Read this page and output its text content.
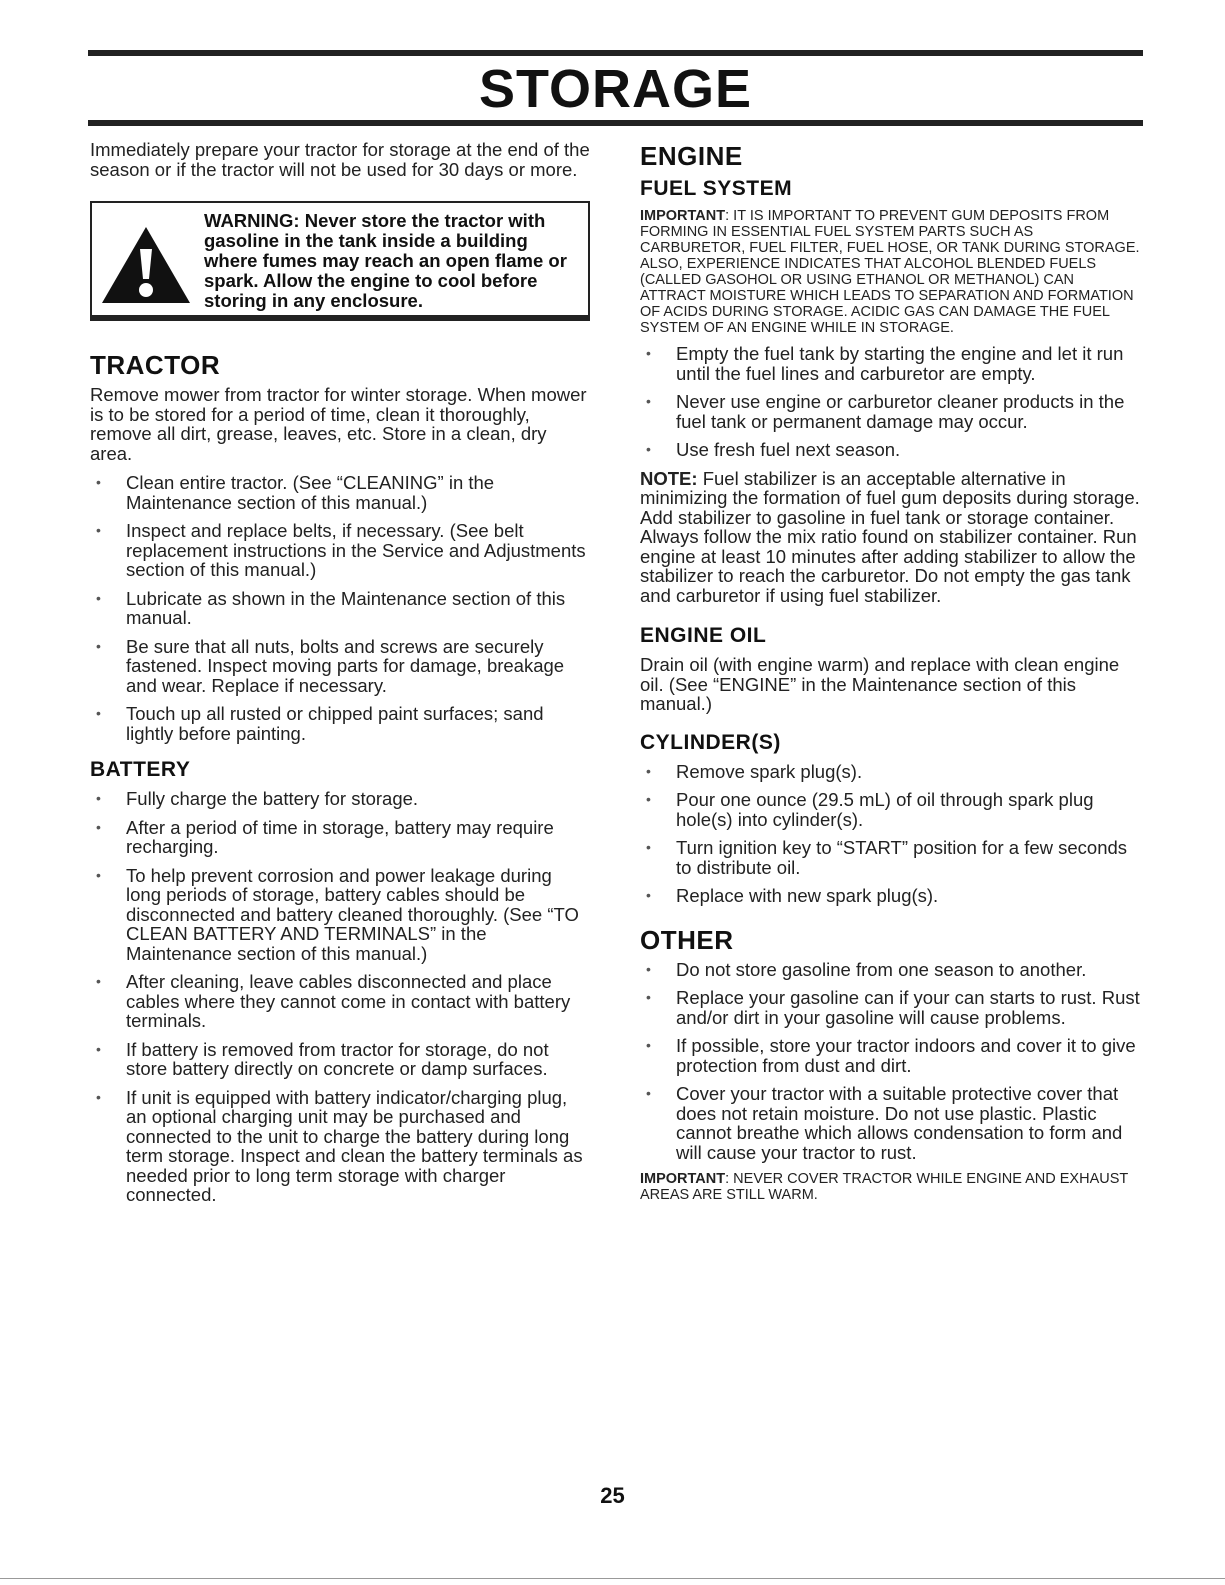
STORAGE

Immediately prepare your tractor for storage at the end of the season or if the tractor will not be used for 30 days or more.

WARNING: Never store the tractor with gasoline in the tank inside a building where fumes may reach an open flame or spark. Allow the engine to cool before storing in any enclosure.
TRACTOR

Remove mower from tractor for winter storage. When mower is to be stored for a period of time, clean it thoroughly, remove all dirt, grease, leaves, etc. Store in a clean, dry area.

• Clean entire tractor. (See “CLEANING” in the Maintenance section of this manual.)
• Inspect and replace belts, if necessary. (See belt replacement instructions in the Service and Adjustments section of this manual.)
• Lubricate as shown in the Maintenance section of this manual.
• Be sure that all nuts, bolts and screws are securely fastened. Inspect moving parts for damage, breakage and wear. Replace if necessary.
• Touch up all rusted or chipped paint surfaces; sand lightly before painting.
BATTERY
• Fully charge the battery for storage.
• After a period of time in storage, battery may require recharging.
• To help prevent corrosion and power leakage during long periods of storage, battery cables should be disconnected and battery cleaned thoroughly. (See “TO CLEAN BATTERY AND TERMINALS” in the Maintenance section of this manual.)
• After cleaning, leave cables disconnected and place cables where they cannot come in contact with battery terminals.
• If battery is removed from tractor for storage, do not store battery directly on concrete or damp surfaces.
• If unit is equipped with battery indicator/charging plug, an optional charging unit may be purchased and connected to the unit to charge the battery during long term storage. Inspect and clean the battery terminals as needed prior to long term storage with charger connected.
ENGINE
FUEL SYSTEM

IMPORTANT: IT IS IMPORTANT TO PREVENT GUM DEPOSITS FROM FORMING IN ESSENTIAL FUEL SYSTEM PARTS SUCH AS CARBURETOR, FUEL FILTER, FUEL HOSE, OR TANK DURING STORAGE. ALSO, EXPERIENCE INDICATES THAT ALCOHOL BLENDED FUELS (CALLED GASOHOL OR USING ETHANOL OR METHANOL) CAN ATTRACT MOISTURE WHICH LEADS TO SEPARATION AND FORMATION OF ACIDS DURING STORAGE. ACIDIC GAS CAN DAMAGE THE FUEL SYSTEM OF AN ENGINE WHILE IN STORAGE.

• Empty the fuel tank by starting the engine and let it run until the fuel lines and carburetor are empty.
• Never use engine or carburetor cleaner products in the fuel tank or permanent damage may occur.
• Use fresh fuel next season.

NOTE: Fuel stabilizer is an acceptable alternative in minimizing the formation of fuel gum deposits during storage. Add stabilizer to gasoline in fuel tank or storage container. Always follow the mix ratio found on stabilizer container. Run engine at least 10 minutes after adding stabilizer to allow the stabilizer to reach the carburetor. Do not empty the gas tank and carburetor if using fuel stabilizer.

ENGINE OIL

Drain oil (with engine warm) and replace with clean engine oil. (See “ENGINE” in the Maintenance section of this manual.)

CYLINDER(S)
• Remove spark plug(s).
• Pour one ounce (29.5 mL) of oil through spark plug hole(s) into cylinder(s).
• Turn ignition key to “START” position for a few seconds to distribute oil.
• Replace with new spark plug(s).
OTHER
• Do not store gasoline from one season to another.
• Replace your gasoline can if your can starts to rust. Rust and/or dirt in your gasoline will cause problems.
• If possible, store your tractor indoors and cover it to give protection from dust and dirt.
• Cover your tractor with a suitable protective cover that does not retain moisture. Do not use plastic. Plastic cannot breathe which allows condensation to form and will cause your tractor to rust.

IMPORTANT: NEVER COVER TRACTOR WHILE ENGINE AND EXHAUST AREAS ARE STILL WARM.

25
